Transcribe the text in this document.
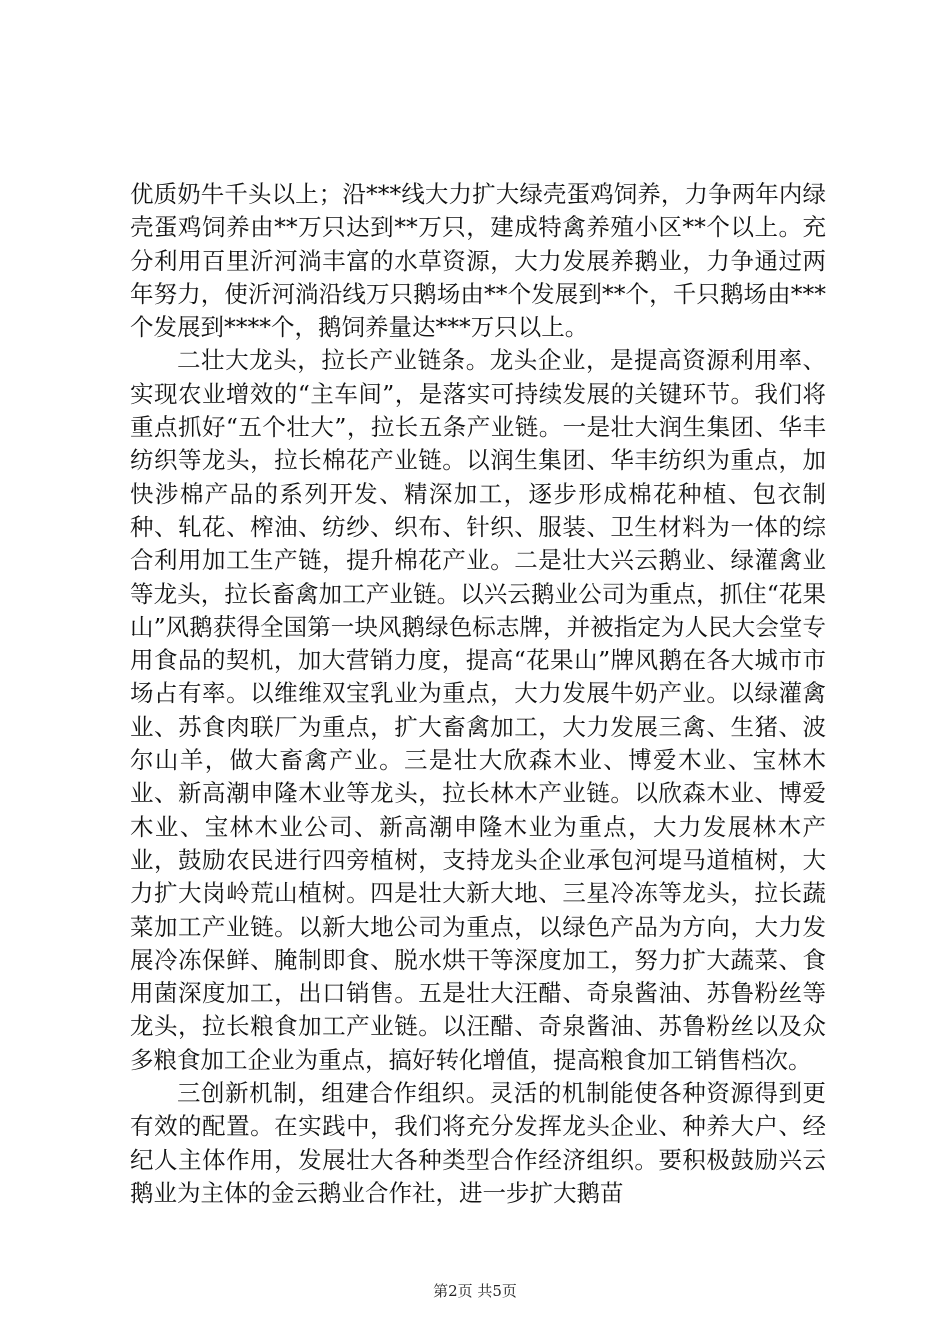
优质奶牛千头以上；沿***线大力扩大绿壳蛋鸡饲养，力争两年内绿壳蛋鸡饲养由**万只达到**万只，建成特禽养殖小区**个以上。充分利用百里沂河淌丰富的水草资源，大力发展养鹅业，力争通过两年努力，使沂河淌沿线万只鹅场由**个发展到**个，千只鹅场由***个发展到****个，鹅饲养量达***万只以上。

二壮大龙头，拉长产业链条。龙头企业，是提高资源利用率、实现农业增效的“主车间”，是落实可持续发展的关键环节。我们将重点抓好“五个壮大”，拉长五条产业链。一是壮大润生集团、华丰纺织等龙头，拉长棉花产业链。以润生集团、华丰纺织为重点，加快涉棉产品的系列开发、精深加工，逐步形成棉花种植、包衣制种、轧花、榨油、纺纱、织布、针织、服装、卫生材料为一体的综合利用加工生产链，提升棉花产业。二是壮大兴云鹅业、绿灌禽业等龙头，拉长畜禽加工产业链。以兴云鹅业公司为重点，抓住“花果山”风鹅获得全国第一块风鹅绿色标志牌，并被指定为人民大会堂专用食品的契机，加大营销力度，提高“花果山”牌风鹅在各大城市市场占有率。以维维双宝乳业为重点，大力发展牛奶产业。以绿灌禽业、苏食肉联厂为重点，扩大畜禽加工，大力发展三禽、生猪、波尔山羊，做大畜禽产业。三是壮大欣森木业、博爱木业、宝林木业、新高潮申隆木业等龙头，拉长林木产业链。以欣森木业、博爱木业、宝林木业公司、新高潮申隆木业为重点，大力发展林木产业，鼓励农民进行四旁植树，支持龙头企业承包河堤马道植树，大力扩大岗岭荒山植树。四是壮大新大地、三星冷冻等龙头，拉长蔬菜加工产业链。以新大地公司为重点，以绿色产品为方向，大力发展冷冻保鲜、腌制即食、脱水烘干等深度加工，努力扩大蔬菜、食用菌深度加工，出口销售。五是壮大汪醋、奇泉酱油、苏鲁粉丝等龙头，拉长粮食加工产业链。以汪醋、奇泉酱油、苏鲁粉丝以及众多粮食加工企业为重点，搞好转化增值，提高粮食加工销售档次。

三创新机制，组建合作组织。灵活的机制能使各种资源得到更有效的配置。在实践中，我们将充分发挥龙头企业、种养大户、经纪人主体作用，发展壮大各种类型合作经济组织。要积极鼓励兴云鹅业为主体的金云鹅业合作社，进一步扩大鹅苗

第2页 共5页
